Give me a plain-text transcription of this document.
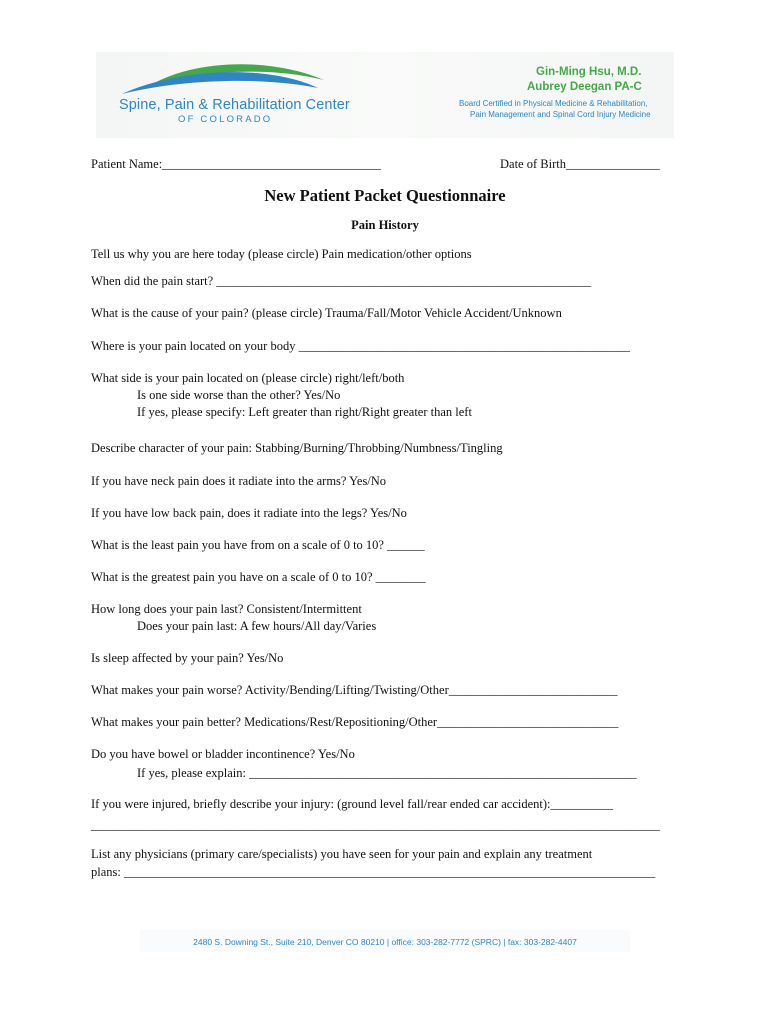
Spine, Pain & Rehabilitation Center
OF COLORADO
Gin-Ming Hsu, M.D.
Aubrey Deegan PA-C
Board Certified in Physical Medicine & Rehabilitation,
Pain Management and Spinal Cord Injury Medicine
Patient Name:___________________________________	Date of Birth_______________
New Patient Packet Questionnaire
Pain History
Tell us why you are here today (please circle) Pain medication/other options
When did the pain start? ____________________________________________________________
What is the cause of your pain? (please circle) Trauma/Fall/Motor Vehicle Accident/Unknown
Where is your pain located on your body _____________________________________________________
What side is your pain located on (please circle) right/left/both
Is one side worse than the other? Yes/No
If yes, please specify: Left greater than right/Right greater than left
Describe character of your pain: Stabbing/Burning/Throbbing/Numbness/Tingling
If you have neck pain does it radiate into the arms? Yes/No
If you have low back pain, does it radiate into the legs? Yes/No
What is the least pain you have from on a scale of 0 to 10? ______
What is the greatest pain you have on a scale of 0 to 10? ________
How long does your pain last? Consistent/Intermittent
Does your pain last: A few hours/All day/Varies
Is sleep affected by your pain? Yes/No
What makes your pain worse? Activity/Bending/Lifting/Twisting/Other___________________________
What makes your pain better? Medications/Rest/Repositioning/Other_____________________________
Do you have bowel or bladder incontinence? Yes/No
If yes, please explain: ______________________________________________________________
If you were injured, briefly describe your injury: (ground level fall/rear ended car accident):__________
___________________________________________________________________________________________
List any physicians (primary care/specialists) you have seen for your pain and explain any treatment
plans: _____________________________________________________________________________________
2480 S. Downing St., Suite 210, Denver CO 80210 | office: 303-282-7772 (SPRC) | fax: 303-282-4407
